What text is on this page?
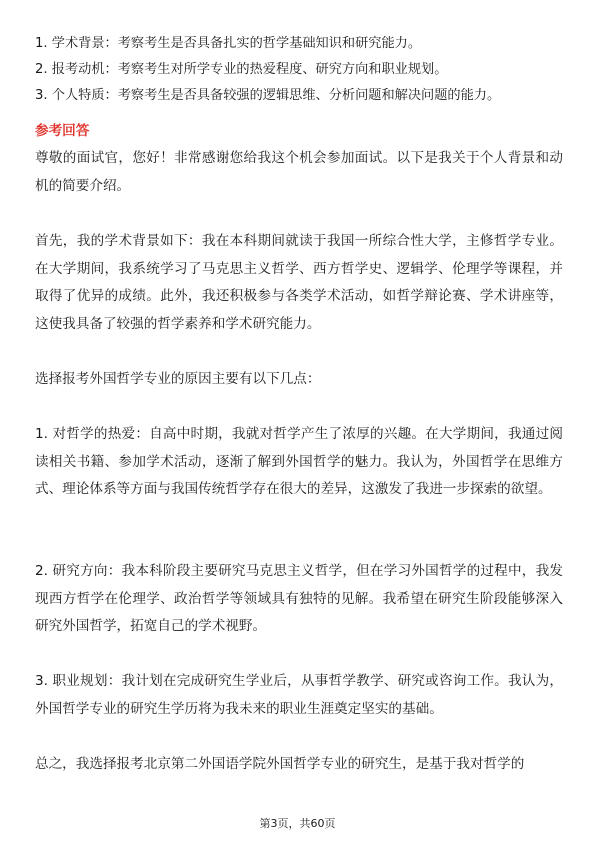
1. 学术背景：考察考生是否具备扎实的哲学基础知识和研究能力。
2. 报考动机：考察考生对所学专业的热爱程度、研究方向和职业规划。
3. 个人特质：考察考生是否具备较强的逻辑思维、分析问题和解决问题的能力。
参考回答
尊敬的面试官，您好！非常感谢您给我这个机会参加面试。以下是我关于个人背景和动机的简要介绍。
首先，我的学术背景如下：我在本科期间就读于我国一所综合性大学，主修哲学专业。在大学期间，我系统学习了马克思主义哲学、西方哲学史、逻辑学、伦理学等课程，并取得了优异的成绩。此外，我还积极参与各类学术活动，如哲学辩论赛、学术讲座等，这使我具备了较强的哲学素养和学术研究能力。
选择报考外国哲学专业的原因主要有以下几点：
1. 对哲学的热爱：自高中时期，我就对哲学产生了浓厚的兴趣。在大学期间，我通过阅读相关书籍、参加学术活动，逐渐了解到外国哲学的魅力。我认为，外国哲学在思维方式、理论体系等方面与我国传统哲学存在很大的差异，这激发了我进一步探索的欲望。
2. 研究方向：我本科阶段主要研究马克思主义哲学，但在学习外国哲学的过程中，我发现西方哲学在伦理学、政治哲学等领域具有独特的见解。我希望在研究生阶段能够深入研究外国哲学，拓宽自己的学术视野。
3. 职业规划：我计划在完成研究生学业后，从事哲学教学、研究或咨询工作。我认为，外国哲学专业的研究生学历将为我未来的职业生涯奠定坚实的基础。
总之，我选择报考北京第二外国语学院外国哲学专业的研究生，是基于我对哲学的
第3页，共60页
